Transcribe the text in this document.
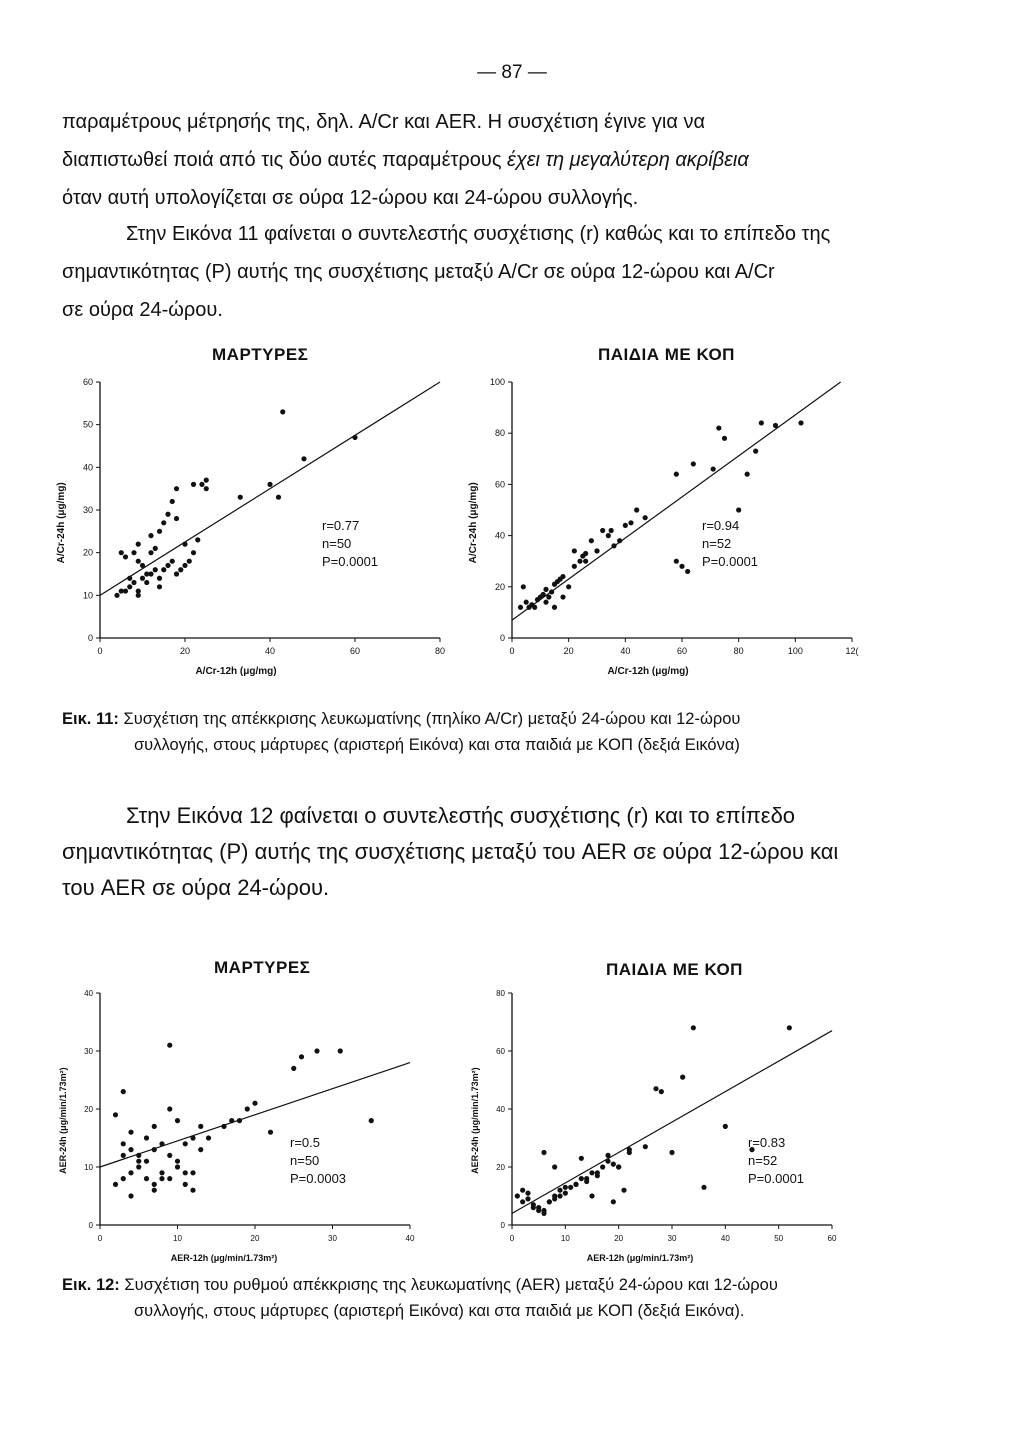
— 87 —

παραμέτρους μέτρησής της, δηλ. Α/Cr και AER. Η συσχέτιση έγινε για να

διαπιστωθεί ποιά από τις δύο αυτές παραμέτρους έχει τη μεγαλύτερη ακρίβεια

όταν αυτή υπολογίζεται σε ούρα 12-ώρου και 24-ώρου συλλογής.

Στην Εικόνα 11 φαίνεται ο συντελεστής συσχέτισης (r) καθώς και το επίπεδο της

σημαντικότητας (Ρ) αυτής της συσχέτισης μεταξύ Α/Cr σε ούρα 12-ώρου και Α/Cr

σε ούρα 24-ώρου.

ΜΑΡΤΥΡΕΣ	ΠΑΙΔΙΑ ΜΕ ΚΟΠ
0	20	40	60	80
0
10
20
30
40
50
60
A/Cr-12h (μg/mg)
A/Cr-24h (μg/mg)	r=0.77
n=50
P=0.0001
0	20	40	60	80	100	12(
0
20
40
60
80
100
A/Cr-12h (μg/mg)
A/Cr-24h (μg/mg)	r=0.94
n=52
P=0.0001
Εικ. 11: Συσχέτιση της απέκκρισης λευκωματίνης (πηλίκο Α/Cr) μεταξύ 24-ώρου και 12-ώρου
συλλογής, στους μάρτυρες (αριστερή Εικόνα) και στα παιδιά με ΚΟΠ (δεξιά Εικόνα)

Στην Εικόνα 12 φαίνεται ο συντελεστής συσχέτισης (r) και το επίπεδο

σημαντικότητας (Ρ) αυτής της συσχέτισης μεταξύ του AER σε ούρα 12-ώρου και

του AER σε ούρα 24-ώρου.

ΜΑΡΤΥΡΕΣ	ΠΑΙΔΙΑ ΜΕ ΚΟΠ
0	10	20	30	40
0
10
20
30
40
AER-12h (μg/min/1.73m²)
AER-24h (μg/min/1.73m²)	r=0.5
n=50
P=0.0003
0	10	20	30	40	50	60
0
20
40
60
80
AER-12h (μg/min/1.73m²)
AER-24h (μg/min/1.73m²)	r=0.83
n=52
P=0.0001
Εικ. 12: Συσχέτιση του ρυθμού απέκκρισης της λευκωματίνης (AER) μεταξύ 24-ώρου και 12-ώρου
συλλογής, στους μάρτυρες (αριστερή Εικόνα) και στα παιδιά με ΚΟΠ (δεξιά Εικόνα).
